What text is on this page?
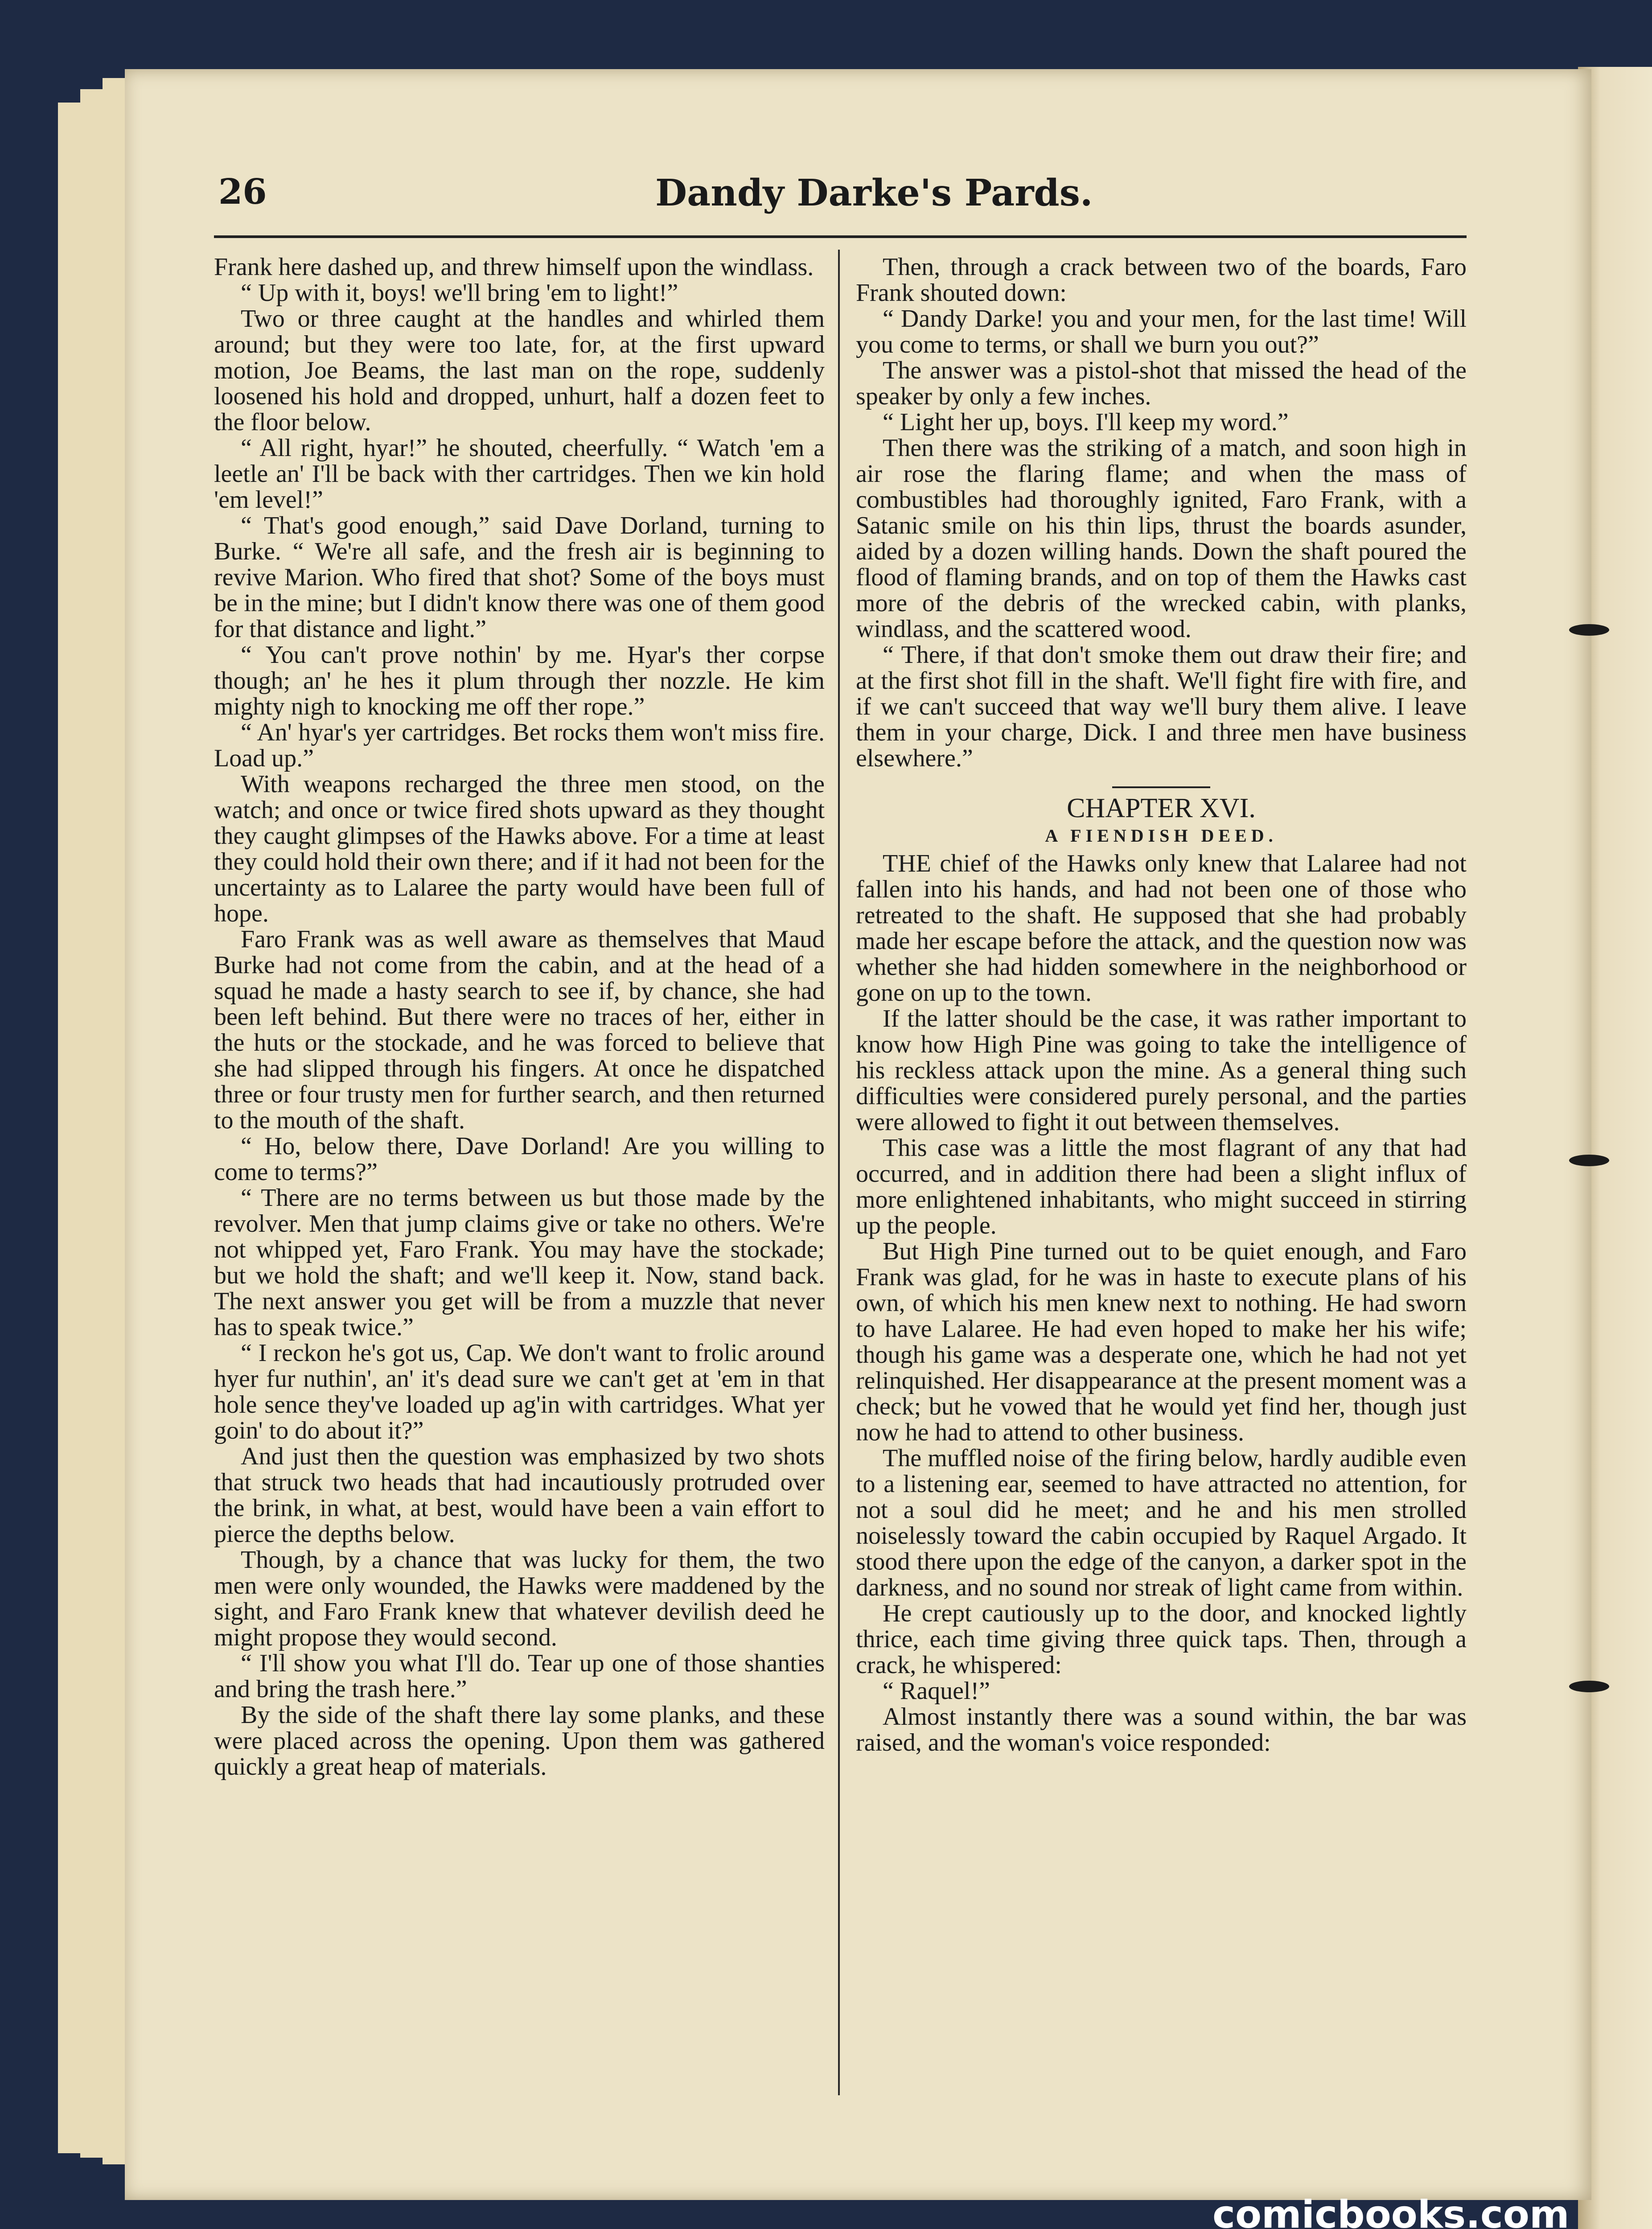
26	Dandy Darke's Pards.

Frank here dashed up, and threw himself upon the windlass.

“ Up with it, boys! we'll bring 'em to light!”

Two or three caught at the handles and whirled them around; but they were too late, for, at the first upward motion, Joe Beams, the last man on the rope, suddenly loosened his hold and dropped, unhurt, half a dozen feet to the floor below.

“ All right, hyar!” he shouted, cheerfully. “ Watch 'em a leetle an' I'll be back with ther cartridges. Then we kin hold 'em level!”

“ That's good enough,” said Dave Dorland, turning to Burke. “ We're all safe, and the fresh air is beginning to revive Marion. Who fired that shot? Some of the boys must be in the mine; but I didn't know there was one of them good for that distance and light.”

“ You can't prove nothin' by me. Hyar's ther corpse though; an' he hes it plum through ther nozzle. He kim mighty nigh to knocking me off ther rope.”

“ An' hyar's yer cartridges. Bet rocks them won't miss fire. Load up.”

With weapons recharged the three men stood, on the watch; and once or twice fired shots upward as they thought they caught glimpses of the Hawks above. For a time at least they could hold their own there; and if it had not been for the uncertainty as to Lalaree the party would have been full of hope.

Faro Frank was as well aware as themselves that Maud Burke had not come from the cabin, and at the head of a squad he made a hasty search to see if, by chance, she had been left behind. But there were no traces of her, either in the huts or the stockade, and he was forced to believe that she had slipped through his fingers. At once he dispatched three or four trusty men for further search, and then returned to the mouth of the shaft.

“ Ho, below there, Dave Dorland! Are you willing to come to terms?”

“ There are no terms between us but those made by the revolver. Men that jump claims give or take no others. We're not whipped yet, Faro Frank. You may have the stockade; but we hold the shaft; and we'll keep it. Now, stand back. The next answer you get will be from a muzzle that never has to speak twice.”

“ I reckon he's got us, Cap. We don't want to frolic around hyer fur nuthin', an' it's dead sure we can't get at 'em in that hole sence they've loaded up ag'in with cartridges. What yer goin' to do about it?”

And just then the question was emphasized by two shots that struck two heads that had incautiously protruded over the brink, in what, at best, would have been a vain effort to pierce the depths below.

Though, by a chance that was lucky for them, the two men were only wounded, the Hawks were maddened by the sight, and Faro Frank knew that whatever devilish deed he might propose they would second.

“ I'll show you what I'll do. Tear up one of those shanties and bring the trash here.”

By the side of the shaft there lay some planks, and these were placed across the opening. Upon them was gathered quickly a great heap of materials.

Then, through a crack between two of the boards, Faro Frank shouted down:

“ Dandy Darke! you and your men, for the last time! Will you come to terms, or shall we burn you out?”

The answer was a pistol-shot that missed the head of the speaker by only a few inches.

“ Light her up, boys. I'll keep my word.”

Then there was the striking of a match, and soon high in air rose the flaring flame; and when the mass of combustibles had thoroughly ignited, Faro Frank, with a Satanic smile on his thin lips, thrust the boards asunder, aided by a dozen willing hands. Down the shaft poured the flood of flaming brands, and on top of them the Hawks cast more of the debris of the wrecked cabin, with planks, windlass, and the scattered wood.

“ There, if that don't smoke them out draw their fire; and at the first shot fill in the shaft. We'll fight fire with fire, and if we can't succeed that way we'll bury them alive. I leave them in your charge, Dick. I and three men have business elsewhere.”

CHAPTER XVI.

A FIENDISH DEED.

THE chief of the Hawks only knew that Lalaree had not fallen into his hands, and had not been one of those who retreated to the shaft. He supposed that she had probably made her escape before the attack, and the question now was whether she had hidden somewhere in the neighborhood or gone on up to the town.

If the latter should be the case, it was rather important to know how High Pine was going to take the intelligence of his reckless attack upon the mine. As a general thing such difficulties were considered purely personal, and the parties were allowed to fight it out between themselves.

This case was a little the most flagrant of any that had occurred, and in addition there had been a slight influx of more enlightened inhabitants, who might succeed in stirring up the people.

But High Pine turned out to be quiet enough, and Faro Frank was glad, for he was in haste to execute plans of his own, of which his men knew next to nothing. He had sworn to have Lalaree. He had even hoped to make her his wife; though his game was a desperate one, which he had not yet relinquished. Her disappearance at the present moment was a check; but he vowed that he would yet find her, though just now he had to attend to other business.

The muffled noise of the firing below, hardly audible even to a listening ear, seemed to have attracted no attention, for not a soul did he meet; and he and his men strolled noiselessly toward the cabin occupied by Raquel Argado. It stood there upon the edge of the canyon, a darker spot in the darkness, and no sound nor streak of light came from within.

He crept cautiously up to the door, and knocked lightly thrice, each time giving three quick taps. Then, through a crack, he whispered:

“ Raquel!”

Almost instantly there was a sound within, the bar was raised, and the woman's voice responded:

comicbooks.com
